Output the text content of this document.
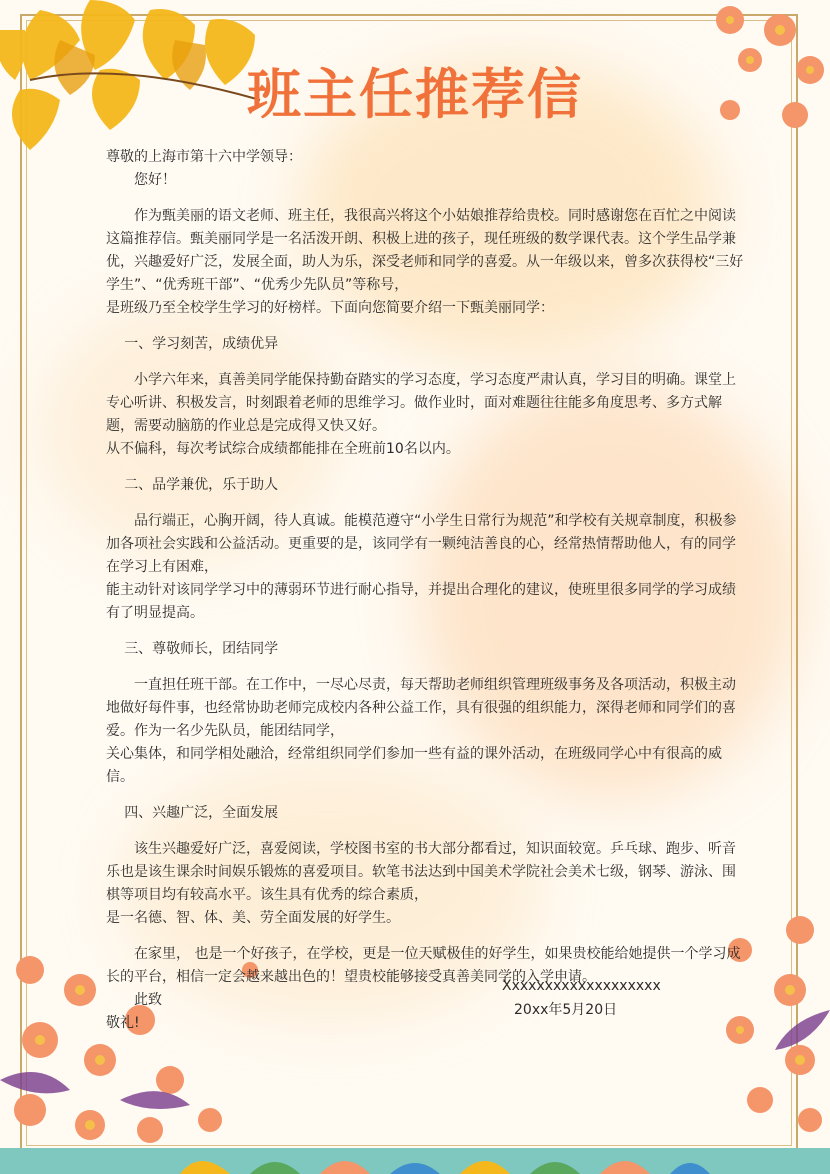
班主任推荐信

尊敬的上海市第十六中学领导：

您好！

作为甄美丽的语文老师、班主任，我很高兴将这个小姑娘推荐给贵校。同时感谢您在百忙之中阅读这篇推荐信。甄美丽同学是一名活泼开朗、积极上进的孩子，现任班级的数学课代表。这个学生品学兼优，兴趣爱好广泛，发展全面，助人为乐，深受老师和同学的喜爱。从一年级以来，曾多次获得校“三好学生”、“优秀班干部”、“优秀少先队员”等称号，

是班级乃至全校学生学习的好榜样。下面向您简要介绍一下甄美丽同学：

一、学习刻苦，成绩优异

小学六年来，真善美同学能保持勤奋踏实的学习态度，学习态度严肃认真，学习目的明确。课堂上专心听讲、积极发言，时刻跟着老师的思维学习。做作业时，面对难题往往能多角度思考、多方式解题，需要动脑筋的作业总是完成得又快又好。

从不偏科，每次考试综合成绩都能排在全班前10名以内。

二、品学兼优，乐于助人

品行端正，心胸开阔，待人真诚。能模范遵守“小学生日常行为规范”和学校有关规章制度，积极参加各项社会实践和公益活动。更重要的是，该同学有一颗纯洁善良的心，经常热情帮助他人，有的同学在学习上有困难，

能主动针对该同学学习中的薄弱环节进行耐心指导，并提出合理化的建议，使班里很多同学的学习成绩有了明显提高。

三、尊敬师长，团结同学

一直担任班干部。在工作中，一尽心尽责，每天帮助老师组织管理班级事务及各项活动，积极主动地做好每件事，也经常协助老师完成校内各种公益工作，具有很强的组织能力，深得老师和同学们的喜爱。作为一名少先队员，能团结同学，

关心集体，和同学相处融洽，经常组织同学们参加一些有益的课外活动，在班级同学心中有很高的威信。

四、兴趣广泛，全面发展

该生兴趣爱好广泛，喜爱阅读，学校图书室的书大部分都看过，知识面较宽。乒乓球、跑步、听音乐也是该生课余时间娱乐锻炼的喜爱项目。软笔书法达到中国美术学院社会美术七级，钢琴、游泳、围棋等项目均有较高水平。该生具有优秀的综合素质，

是一名德、智、体、美、劳全面发展的好学生。

在家里， 也是一个好孩子，在学校，更是一位天赋极佳的好学生，如果贵校能给她提供一个学习成长的平台，相信一定会越来越出色的！望贵校能够接受真善美同学的入学申请。

此致

敬礼!

Xxxxxxxxxxxxxxxxxxx
20xx年5月20日
